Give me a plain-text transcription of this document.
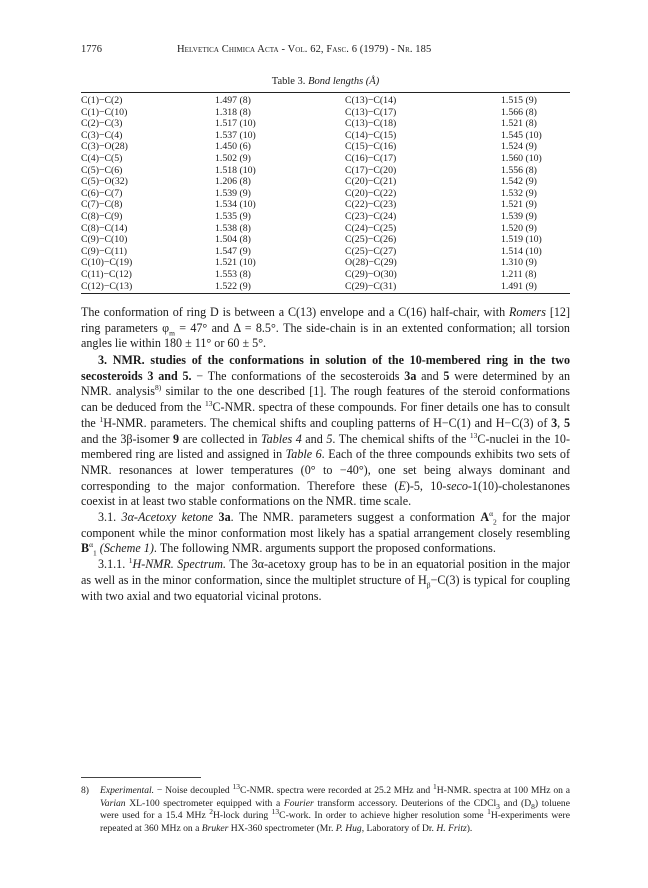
1776	Helvetica Chimica Acta - Vol. 62, Fasc. 6 (1979) - Nr. 185
Table 3. Bond lengths (Å)
C(1)−C(2)	1.497 (8)	C(13)−C(14)	1.515 (9)
C(1)−C(10)	1.318 (8)	C(13)−C(17)	1.566 (8)
C(2)−C(3)	1.517 (10)	C(13)−C(18)	1.521 (8)
C(3)−C(4)	1.537 (10)	C(14)−C(15)	1.545 (10)
C(3)−O(28)	1.450 (6)	C(15)−C(16)	1.524 (9)
C(4)−C(5)	1.502 (9)	C(16)−C(17)	1.560 (10)
C(5)−C(6)	1.518 (10)	C(17)−C(20)	1.556 (8)
C(5)−O(32)	1.206 (8)	C(20)−C(21)	1.542 (9)
C(6)−C(7)	1.539 (9)	C(20)−C(22)	1.532 (9)
C(7)−C(8)	1.534 (10)	C(22)−C(23)	1.521 (9)
C(8)−C(9)	1.535 (9)	C(23)−C(24)	1.539 (9)
C(8)−C(14)	1.538 (8)	C(24)−C(25)	1.520 (9)
C(9)−C(10)	1.504 (8)	C(25)−C(26)	1.519 (10)
C(9)−C(11)	1.547 (9)	C(25)−C(27)	1.514 (10)
C(10)−C(19)	1.521 (10)	O(28)−C(29)	1.310 (9)
C(11)−C(12)	1.553 (8)	C(29)−O(30)	1.211 (8)
C(12)−C(13)	1.522 (9)	C(29)−C(31)	1.491 (9)

The conformation of ring D is between a C(13) envelope and a C(16) half-chair, with Romers [12] ring parameters $\varphi_m = 47^\circ$ and Δ = 8.5°. The side-chain is in an extented conformation; all torsion angles lie within 180 ± 11° or 60 ± 5°.

3. NMR. studies of the conformations in solution of the 10-membered ring in the two secosteroids 3 and 5. − The conformations of the secosteroids 3a and 5 were determined by an NMR. analysis$^{8)}$ similar to the one described [1]. The rough features of the steroid conformations can be deduced from the $^{13}$C-NMR. spectra of these compounds. For finer details one has to consult the $^1$H-NMR. parameters. The chemical shifts and coupling patterns of H−C(1) and H−C(3) of 3, 5 and the 3β-isomer 9 are collected in Tables 4 and 5. The chemical shifts of the $^{13}$C-nuclei in the 10-membered ring are listed and assigned in Table 6. Each of the three compounds exhibits two sets of NMR. resonances at lower temperatures (0° to −40°), one set being always dominant and corresponding to the major conformation. Therefore these (E)-5, 10-seco-1(10)-cholestanones coexist in at least two stable conformations on the NMR. time scale.

3.1. 3α-Acetoxy ketone 3a. The NMR. parameters suggest a conformation $A^\alpha_2$ for the major component while the minor conformation most likely has a spatial arrangement closely resembling $B^\alpha_1$ (Scheme 1). The following NMR. arguments support the proposed conformations.

3.1.1. $^1$H-NMR. Spectrum. The 3α-acetoxy group has to be in an equatorial position in the major as well as in the minor conformation, since the multiplet structure of $H_\beta-C(3)$ is typical for coupling with two axial and two equatorial vicinal protons.

8) Experimental. − Noise decoupled $^{13}$C-NMR. spectra were recorded at 25.2 MHz and $^1$H-NMR. spectra at 100 MHz on a Varian XL-100 spectrometer equipped with a Fourier transform accessory. Deuterions of the CDCl$_3$ and $(D_8)$ toluene were used for a 15.4 MHz $^2$H-lock during $^{13}$C-work. In order to achieve higher resolution some $^1$H-experiments were repeated at 360 MHz on a Bruker HX-360 spectrometer (Mr. P. Hug, Laboratory of Dr. H. Fritz).
